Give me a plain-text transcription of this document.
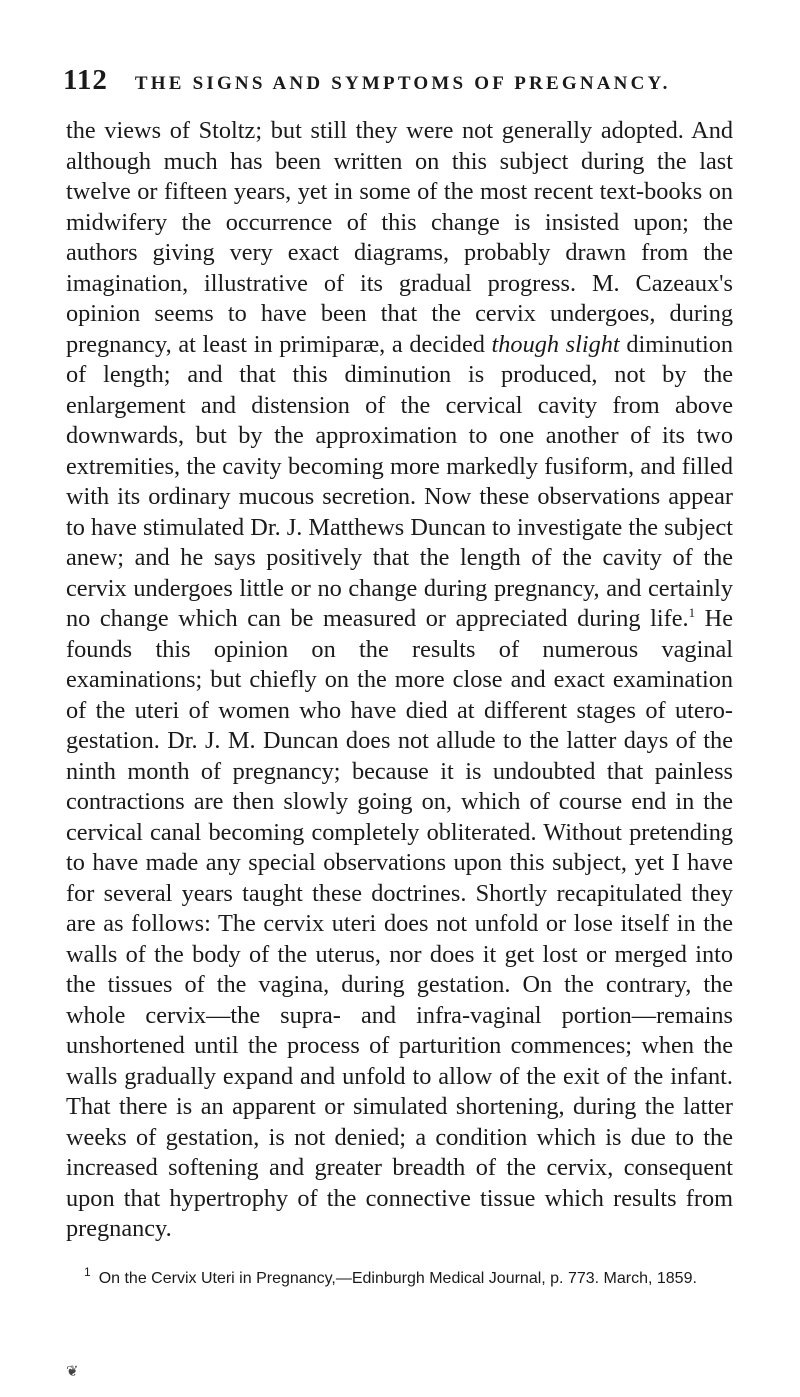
112 THE SIGNS AND SYMPTOMS OF PREGNANCY.

the views of Stoltz; but still they were not generally adopted. And although much has been written on this subject during the last twelve or fifteen years, yet in some of the most recent text-books on midwifery the occurrence of this change is insisted upon; the authors giving very exact diagrams, probably drawn from the imagination, illustrative of its gradual progress. M. Cazeaux's opinion seems to have been that the cervix undergoes, during pregnancy, at least in primiparæ, a decided though slight diminution of length; and that this diminution is produced, not by the enlargement and distension of the cervical cavity from above downwards, but by the approximation to one another of its two extremities, the cavity becoming more markedly fusiform, and filled with its ordinary mucous secretion. Now these observations appear to have stimulated Dr. J. Matthews Duncan to investigate the subject anew; and he says positively that the length of the cavity of the cervix undergoes little or no change during pregnancy, and certainly no change which can be measured or appreciated during life.$^1$ He founds this opinion on the results of numerous vaginal examinations; but chiefly on the more close and exact examination of the uteri of women who have died at different stages of utero-gestation. Dr. J. M. Duncan does not allude to the latter days of the ninth month of pregnancy; because it is undoubted that painless contractions are then slowly going on, which of course end in the cervical canal becoming completely obliterated. Without pretending to have made any special observations upon this subject, yet I have for several years taught these doctrines. Shortly recapitulated they are as follows: The cervix uteri does not unfold or lose itself in the walls of the body of the uterus, nor does it get lost or merged into the tissues of the vagina, during gestation. On the contrary, the whole cervix—the supra- and infra-vaginal portion—remains unshortened until the process of parturition commences; when the walls gradually expand and unfold to allow of the exit of the infant. That there is an apparent or simulated shortening, during the latter weeks of gestation, is not denied; a condition which is due to the increased softening and greater breadth of the cervix, consequent upon that hypertrophy of the connective tissue which results from pregnancy.

$^1$ On the Cervix Uteri in Pregnancy,—Edinburgh Medical Journal, p. 773. March, 1859.

❦
